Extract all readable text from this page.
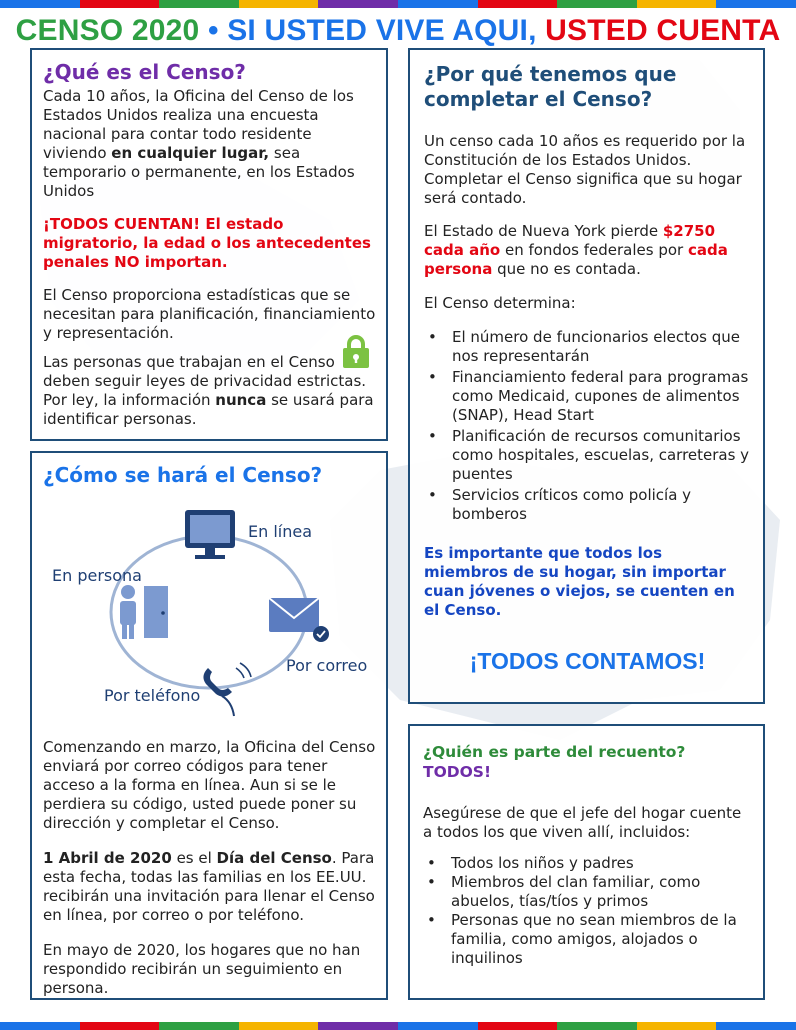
CENSO 2020 • SI USTED VIVE AQUI, USTED CUENTA
¿Qué es el Censo?

Cada 10 años, la Oficina del Censo de los Estados Unidos realiza una encuesta nacional para contar todo residente viviendo en cualquier lugar, sea temporario o permanente, en los Estados Unidos

¡TODOS CUENTAN! El estado migratorio, la edad o los antecedentes penales NO importan.

El Censo proporciona estadísticas que se necesitan para planificación, financiamiento y representación.

Las personas que trabajan en el Censo deben seguir leyes de privacidad estrictas. Por ley, la información nunca se usará para identificar personas.

¿Por qué tenemos que completar el Censo?

Un censo cada 10 años es requerido por la Constitución de los Estados Unidos. Completar el Censo significa que su hogar será contado.

El Estado de Nueva York pierde $2750 cada año en fondos federales por cada persona que no es contada.

El Censo determina:

• El número de funcionarios electos que nos representarán
• Financiamiento federal para programas como Medicaid, cupones de alimentos (SNAP), Head Start
• Planificación de recursos comunitarios como hospitales, escuelas, carreteras y puentes
• Servicios críticos como policía y bomberos

Es importante que todos los miembros de su hogar, sin importar cuan jóvenes o viejos, se cuenten en el Censo.

¡TODOS CONTAMOS!
¿Cómo se hará el Censo?
En línea
En persona
Por correo
Por teléfono

Comenzando en marzo, la Oficina del Censo enviará por correo códigos para tener acceso a la forma en línea. Aun si se le perdiera su código, usted puede poner su dirección y completar el Censo.

1 Abril de 2020 es el Día del Censo. Para esta fecha, todas las familias en los EE.UU. recibirán una invitación para llenar el Censo en línea, por correo o por teléfono.

En mayo de 2020, los hogares que no han respondido recibirán un seguimiento en persona.

¿Quién es parte del recuento? TODOS!

Asegúrese de que el jefe del hogar cuente a todos los que viven allí, incluidos:

• Todos los niños y padres
• Miembros del clan familiar, como abuelos, tías/tíos y primos
• Personas que no sean miembros de la familia, como amigos, alojados o inquilinos
